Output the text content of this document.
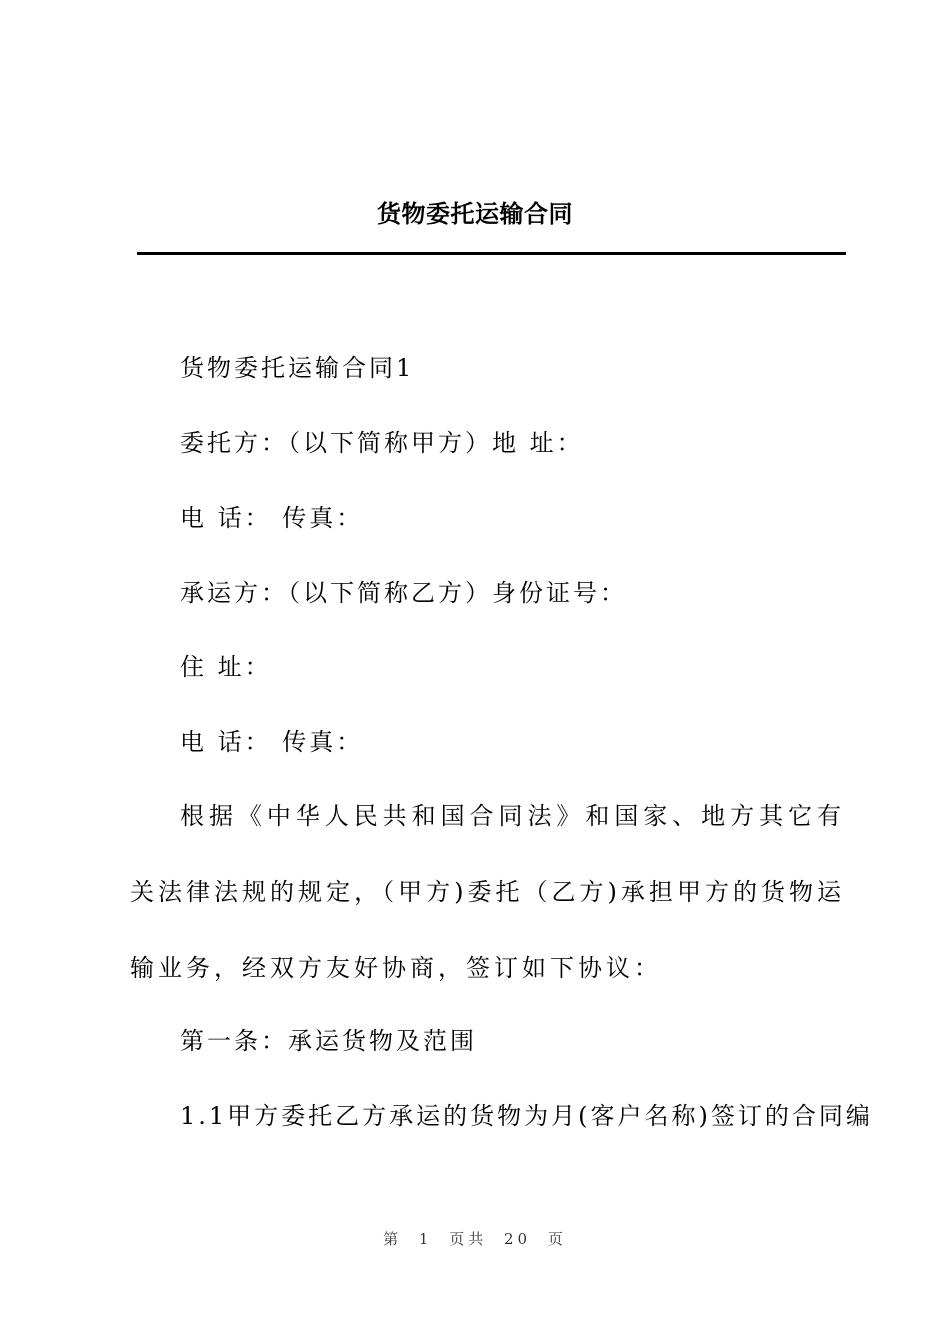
货物委托运输合同
货物委托运输合同1
委托方：（以下简称甲方）地 址：
电 话： 传真：
承运方：（以下简称乙方）身份证号：
住 址：
电 话： 传真：
根据《中华人民共和国合同法》和国家、地方其它有关法律法规的规定，（甲方)委托（乙方)承担甲方的货物运输业务，经双方友好协商，签订如下协议：
第一条：承运货物及范围
1.1甲方委托乙方承运的货物为月(客户名称)签订的合同编
第 1 页共 20 页
